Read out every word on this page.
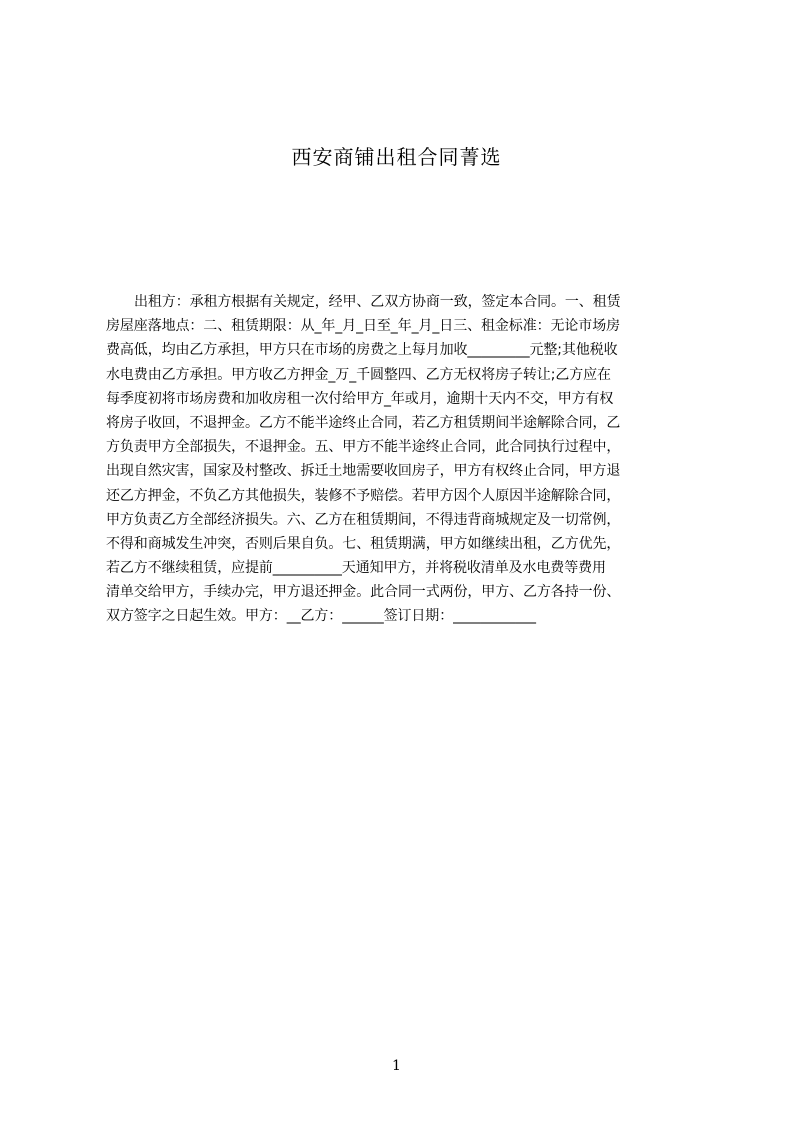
西安商铺出租合同菁选
出租方：承租方根据有关规定，经甲、乙双方协商一致，签定本合同。一、租赁
房屋座落地点：二、租赁期限：从_年_月_日至_年_月_日三、租金标准：无论市场房
费高低，均由乙方承担，甲方只在市场的房费之上每月加收_________元整;其他税收
水电费由乙方承担。甲方收乙方押金_万_千圆整四、乙方无权将房子转让;乙方应在
每季度初将市场房费和加收房租一次付给甲方_年或月，逾期十天内不交，甲方有权
将房子收回，不退押金。乙方不能半途终止合同，若乙方租赁期间半途解除合同，乙
方负责甲方全部损失，不退押金。五、甲方不能半途终止合同，此合同执行过程中，
出现自然灾害，国家及村整改、拆迁土地需要收回房子，甲方有权终止合同，甲方退
还乙方押金，不负乙方其他损失，装修不予赔偿。若甲方因个人原因半途解除合同，
甲方负责乙方全部经济损失。六、乙方在租赁期间，不得违背商城规定及一切常例，
不得和商城发生冲突，否则后果自负。七、租赁期满，甲方如继续出租，乙方优先，
若乙方不继续租赁，应提前__________天通知甲方，并将税收清单及水电费等费用
清单交给甲方，手续办完，甲方退还押金。此合同一式两份，甲方、乙方各持一份、
双方签字之日起生效。甲方：__乙方：______签订日期：____________
1
